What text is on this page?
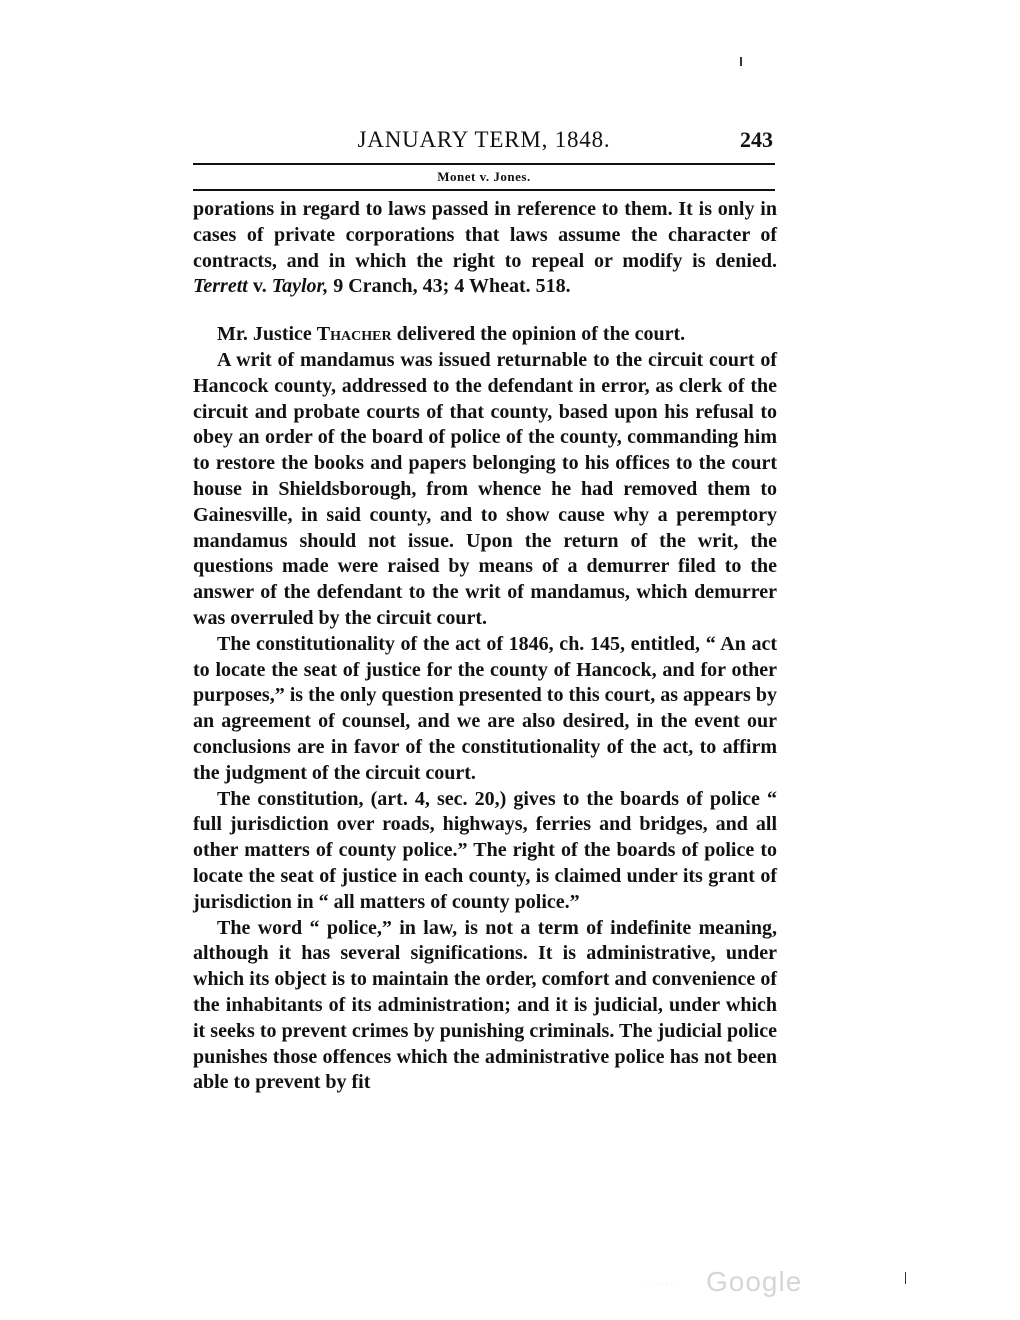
JANUARY TERM, 1848.	243
Monet v. Jones.

porations in regard to laws passed in reference to them. It is only in cases of private corporations that laws assume the character of contracts, and in which the right to repeal or modify is denied. Terrett v. Taylor, 9 Cranch, 43; 4 Wheat. 518.

Mr. Justice Thacher delivered the opinion of the court.

A writ of mandamus was issued returnable to the circuit court of Hancock county, addressed to the defendant in error, as clerk of the circuit and probate courts of that county, based upon his refusal to obey an order of the board of police of the county, commanding him to restore the books and papers belonging to his offices to the court house in Shieldsborough, from whence he had removed them to Gainesville, in said county, and to show cause why a peremptory mandamus should not issue. Upon the return of the writ, the questions made were raised by means of a demurrer filed to the answer of the defendant to the writ of mandamus, which demurrer was overruled by the circuit court.

The constitutionality of the act of 1846, ch. 145, entitled, “ An act to locate the seat of justice for the county of Hancock, and for other purposes,” is the only question presented to this court, as appears by an agreement of counsel, and we are also desired, in the event our conclusions are in favor of the constitutionality of the act, to affirm the judgment of the circuit court.

The constitution, (art. 4, sec. 20,) gives to the boards of police “ full jurisdiction over roads, highways, ferries and bridges, and all other matters of county police.” The right of the boards of police to locate the seat of justice in each county, is claimed under its grant of jurisdiction in “ all matters of county police.”

The word “ police,” in law, is not a term of indefinite meaning, although it has several significations. It is administrative, under which its object is to maintain the order, comfort and convenience of the inhabitants of its administration; and it is judicial, under which it seeks to prevent crimes by punishing criminals. The judicial police punishes those offences which the administrative police has not been able to prevent by fit

· · · · · · · Google
